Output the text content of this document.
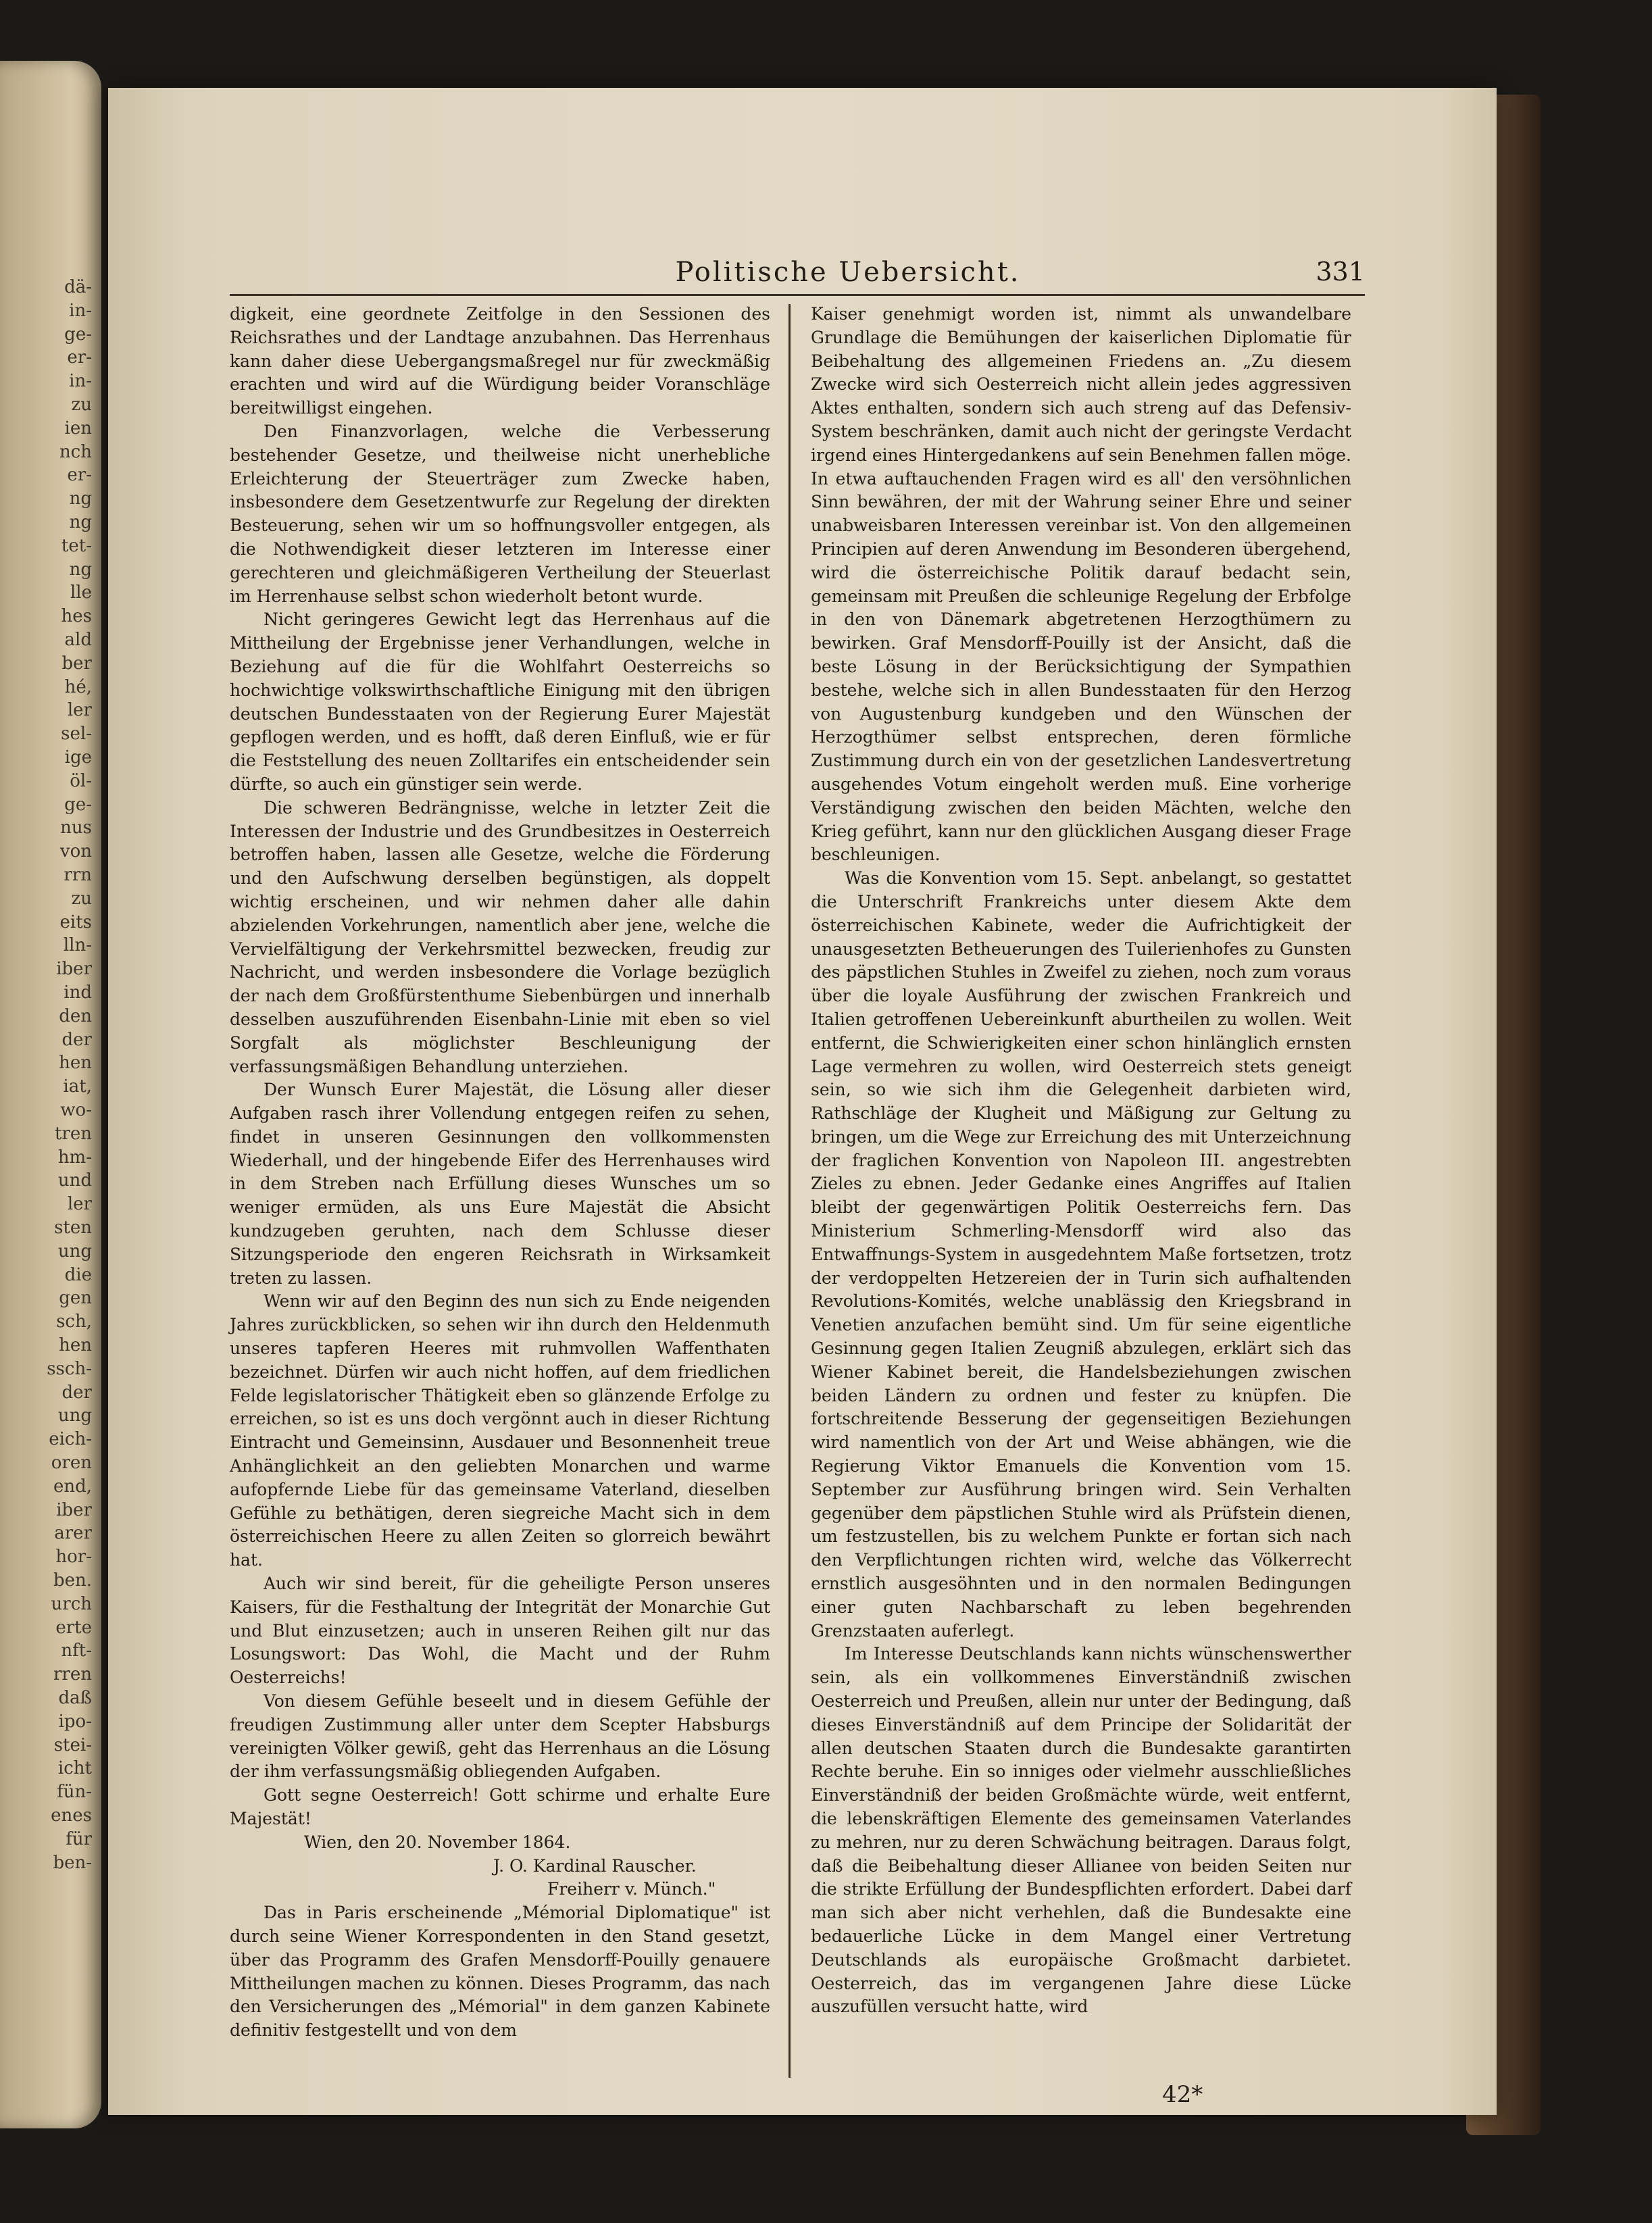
dä-
in-
ge-
er-
in-
zu
ien
nch
er-
ng
ng
tet-
ng
lle
hes
ald
ber
hé,
ler
sel-
ige
öl-
ge-
nus
von
rrn
zu
eits
lln-
iber
ind
den
der
hen
iat,
wo-
tren
hm-
und
ler
sten
ung
die
gen
sch,
hen
ssch-
der
ung
eich-
oren
end,
iber
arer
hor-
ben.
urch
erte
nft-
rren
daß
ipo-
stei-
icht
fün-
enes
für
ben-
Politische Uebersicht.	331

digkeit, eine geordnete Zeitfolge in den Sessionen des Reichsrathes und der Landtage anzubahnen. Das Herrenhaus kann daher diese Uebergangsmaßregel nur für zweckmäßig erachten und wird auf die Würdigung beider Voranschläge bereitwilligst eingehen.

Den Finanzvorlagen, welche die Verbesserung bestehender Gesetze, und theilweise nicht unerhebliche Erleichterung der Steuerträger zum Zwecke haben, insbesondere dem Gesetzentwurfe zur Regelung der direkten Besteuerung, sehen wir um so hoffnungsvoller entgegen, als die Nothwendigkeit dieser letzteren im Interesse einer gerechteren und gleichmäßigeren Vertheilung der Steuerlast im Herrenhause selbst schon wiederholt betont wurde.

Nicht geringeres Gewicht legt das Herrenhaus auf die Mittheilung der Ergebnisse jener Verhandlungen, welche in Beziehung auf die für die Wohlfahrt Oesterreichs so hochwichtige volkswirthschaftliche Einigung mit den übrigen deutschen Bundesstaaten von der Regierung Eurer Majestät gepflogen werden, und es hofft, daß deren Einfluß, wie er für die Feststellung des neuen Zolltarifes ein entscheidender sein dürfte, so auch ein günstiger sein werde.

Die schweren Bedrängnisse, welche in letzter Zeit die Interessen der Industrie und des Grundbesitzes in Oesterreich betroffen haben, lassen alle Gesetze, welche die Förderung und den Aufschwung derselben begünstigen, als doppelt wichtig erscheinen, und wir nehmen daher alle dahin abzielenden Vorkehrungen, namentlich aber jene, welche die Vervielfältigung der Verkehrsmittel bezwecken, freudig zur Nachricht, und werden insbesondere die Vorlage bezüglich der nach dem Großfürstenthume Siebenbürgen und innerhalb desselben auszuführenden Eisenbahn-Linie mit eben so viel Sorgfalt als möglichster Beschleunigung der verfassungsmäßigen Behandlung unterziehen.

Der Wunsch Eurer Majestät, die Lösung aller dieser Aufgaben rasch ihrer Vollendung entgegen reifen zu sehen, findet in unseren Gesinnungen den vollkommensten Wiederhall, und der hingebende Eifer des Herrenhauses wird in dem Streben nach Erfüllung dieses Wunsches um so weniger ermüden, als uns Eure Majestät die Absicht kundzugeben geruhten, nach dem Schlusse dieser Sitzungsperiode den engeren Reichsrath in Wirksamkeit treten zu lassen.

Wenn wir auf den Beginn des nun sich zu Ende neigenden Jahres zurückblicken, so sehen wir ihn durch den Heldenmuth unseres tapferen Heeres mit ruhmvollen Waffenthaten bezeichnet. Dürfen wir auch nicht hoffen, auf dem friedlichen Felde legislatorischer Thätigkeit eben so glänzende Erfolge zu erreichen, so ist es uns doch vergönnt auch in dieser Richtung Eintracht und Gemeinsinn, Ausdauer und Besonnenheit treue Anhänglichkeit an den geliebten Monarchen und warme aufopfernde Liebe für das gemeinsame Vaterland, dieselben Gefühle zu bethätigen, deren siegreiche Macht sich in dem österreichischen Heere zu allen Zeiten so glorreich bewährt hat.

Auch wir sind bereit, für die geheiligte Person unseres Kaisers, für die Festhaltung der Integrität der Monarchie Gut und Blut einzusetzen; auch in unseren Reihen gilt nur das Losungswort: Das Wohl, die Macht und der Ruhm Oesterreichs!

Von diesem Gefühle beseelt und in diesem Gefühle der freudigen Zustimmung aller unter dem Scepter Habsburgs vereinigten Völker gewiß, geht das Herrenhaus an die Lösung der ihm verfassungsmäßig obliegenden Aufgaben.

Gott segne Oesterreich! Gott schirme und erhalte Eure Majestät!

Wien, den 20. November 1864.

J. O. Kardinal Rauscher.

Freiherr v. Münch."

Das in Paris erscheinende „Mémorial Diplomatique" ist durch seine Wiener Korrespondenten in den Stand gesetzt, über das Programm des Grafen Mensdorff-Pouilly genauere Mittheilungen machen zu können. Dieses Programm, das nach den Versicherungen des „Mémorial" in dem ganzen Kabinete definitiv festgestellt und von dem

Kaiser genehmigt worden ist, nimmt als unwandelbare Grundlage die Bemühungen der kaiserlichen Diplomatie für Beibehaltung des allgemeinen Friedens an. „Zu diesem Zwecke wird sich Oesterreich nicht allein jedes aggressiven Aktes enthalten, sondern sich auch streng auf das Defensiv-System beschränken, damit auch nicht der geringste Verdacht irgend eines Hintergedankens auf sein Benehmen fallen möge. In etwa auftauchenden Fragen wird es all' den versöhnlichen Sinn bewähren, der mit der Wahrung seiner Ehre und seiner unabweisbaren Interessen vereinbar ist. Von den allgemeinen Principien auf deren Anwendung im Besonderen übergehend, wird die österreichische Politik darauf bedacht sein, gemeinsam mit Preußen die schleunige Regelung der Erbfolge in den von Dänemark abgetretenen Herzogthümern zu bewirken. Graf Mensdorff-Pouilly ist der Ansicht, daß die beste Lösung in der Berücksichtigung der Sympathien bestehe, welche sich in allen Bundesstaaten für den Herzog von Augustenburg kundgeben und den Wünschen der Herzogthümer selbst entsprechen, deren förmliche Zustimmung durch ein von der gesetzlichen Landesvertretung ausgehendes Votum eingeholt werden muß. Eine vorherige Verständigung zwischen den beiden Mächten, welche den Krieg geführt, kann nur den glücklichen Ausgang dieser Frage beschleunigen.

Was die Konvention vom 15. Sept. anbelangt, so gestattet die Unterschrift Frankreichs unter diesem Akte dem österreichischen Kabinete, weder die Aufrichtigkeit der unausgesetzten Betheuerungen des Tuilerienhofes zu Gunsten des päpstlichen Stuhles in Zweifel zu ziehen, noch zum voraus über die loyale Ausführung der zwischen Frankreich und Italien getroffenen Uebereinkunft aburtheilen zu wollen. Weit entfernt, die Schwierigkeiten einer schon hinlänglich ernsten Lage vermehren zu wollen, wird Oesterreich stets geneigt sein, so wie sich ihm die Gelegenheit darbieten wird, Rathschläge der Klugheit und Mäßigung zur Geltung zu bringen, um die Wege zur Erreichung des mit Unterzeichnung der fraglichen Konvention von Napoleon III. angestrebten Zieles zu ebnen. Jeder Gedanke eines Angriffes auf Italien bleibt der gegenwärtigen Politik Oesterreichs fern. Das Ministerium Schmerling-Mensdorff wird also das Entwaffnungs-System in ausgedehntem Maße fortsetzen, trotz der verdoppelten Hetzereien der in Turin sich aufhaltenden Revolutions-Komités, welche unablässig den Kriegsbrand in Venetien anzufachen bemüht sind. Um für seine eigentliche Gesinnung gegen Italien Zeugniß abzulegen, erklärt sich das Wiener Kabinet bereit, die Handelsbeziehungen zwischen beiden Ländern zu ordnen und fester zu knüpfen. Die fortschreitende Besserung der gegenseitigen Beziehungen wird namentlich von der Art und Weise abhängen, wie die Regierung Viktor Emanuels die Konvention vom 15. September zur Ausführung bringen wird. Sein Verhalten gegenüber dem päpstlichen Stuhle wird als Prüfstein dienen, um festzustellen, bis zu welchem Punkte er fortan sich nach den Verpflichtungen richten wird, welche das Völkerrecht ernstlich ausgesöhnten und in den normalen Bedingungen einer guten Nachbarschaft zu leben begehrenden Grenzstaaten auferlegt.

Im Interesse Deutschlands kann nichts wünschenswerther sein, als ein vollkommenes Einverständniß zwischen Oesterreich und Preußen, allein nur unter der Bedingung, daß dieses Einverständniß auf dem Principe der Solidarität der allen deutschen Staaten durch die Bundesakte garantirten Rechte beruhe. Ein so inniges oder vielmehr ausschließliches Einverständniß der beiden Großmächte würde, weit entfernt, die lebenskräftigen Elemente des gemeinsamen Vaterlandes zu mehren, nur zu deren Schwächung beitragen. Daraus folgt, daß die Beibehaltung dieser Allianee von beiden Seiten nur die strikte Erfüllung der Bundespflichten erfordert. Dabei darf man sich aber nicht verhehlen, daß die Bundesakte eine bedauerliche Lücke in dem Mangel einer Vertretung Deutschlands als europäische Großmacht darbietet. Oesterreich, das im vergangenen Jahre diese Lücke auszufüllen versucht hatte, wird

42*
